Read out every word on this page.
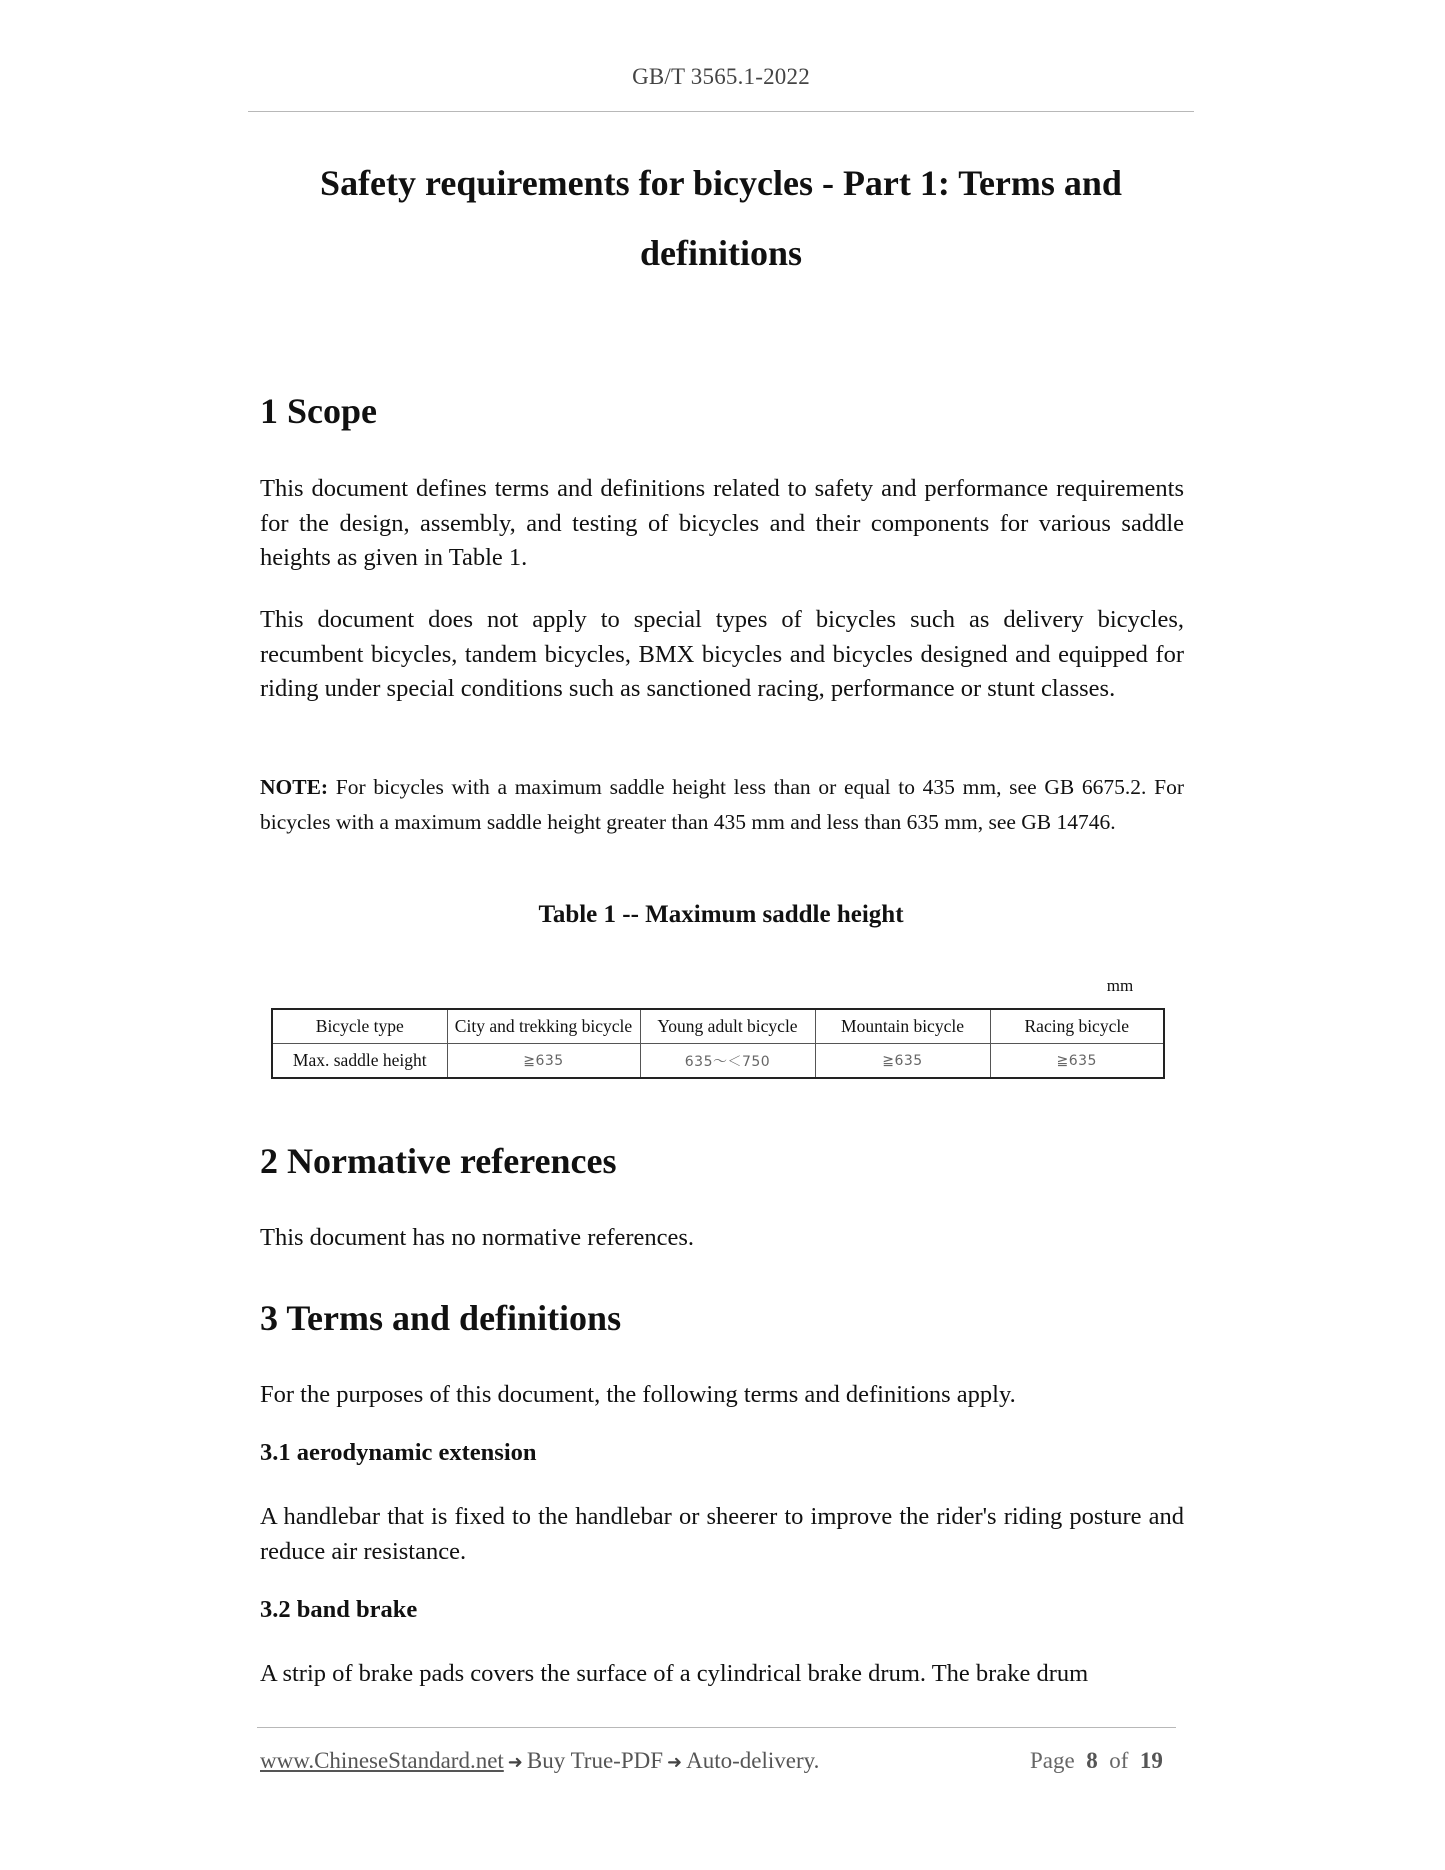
GB/T 3565.1-2022
Safety requirements for bicycles - Part 1: Terms and
definitions
1 Scope

This document defines terms and definitions related to safety and performance requirements for the design, assembly, and testing of bicycles and their components for various saddle heights as given in Table 1.

This document does not apply to special types of bicycles such as delivery bicycles, recumbent bicycles, tandem bicycles, BMX bicycles and bicycles designed and equipped for riding under special conditions such as sanctioned racing, performance or stunt classes.

NOTE: For bicycles with a maximum saddle height less than or equal to 435 mm, see GB 6675.2. For bicycles with a maximum saddle height greater than 435 mm and less than 635 mm, see GB 14746.

Table 1 -- Maximum saddle height
mm
Bicycle type	City and trekking bicycle	Young adult bicycle	Mountain bicycle	Racing bicycle
Max. saddle height	≧635	635～＜750	≧635	≧635
2 Normative references

This document has no normative references.

3 Terms and definitions

For the purposes of this document, the following terms and definitions apply.

3.1 aerodynamic extension

A handlebar that is fixed to the handlebar or sheerer to improve the rider's riding posture and reduce air resistance.

3.2 band brake

A strip of brake pads covers the surface of a cylindrical brake drum. The brake drum

www.ChineseStandard.net ➜ Buy True-PDF ➜ Auto-delivery.	Page 8 of 19
